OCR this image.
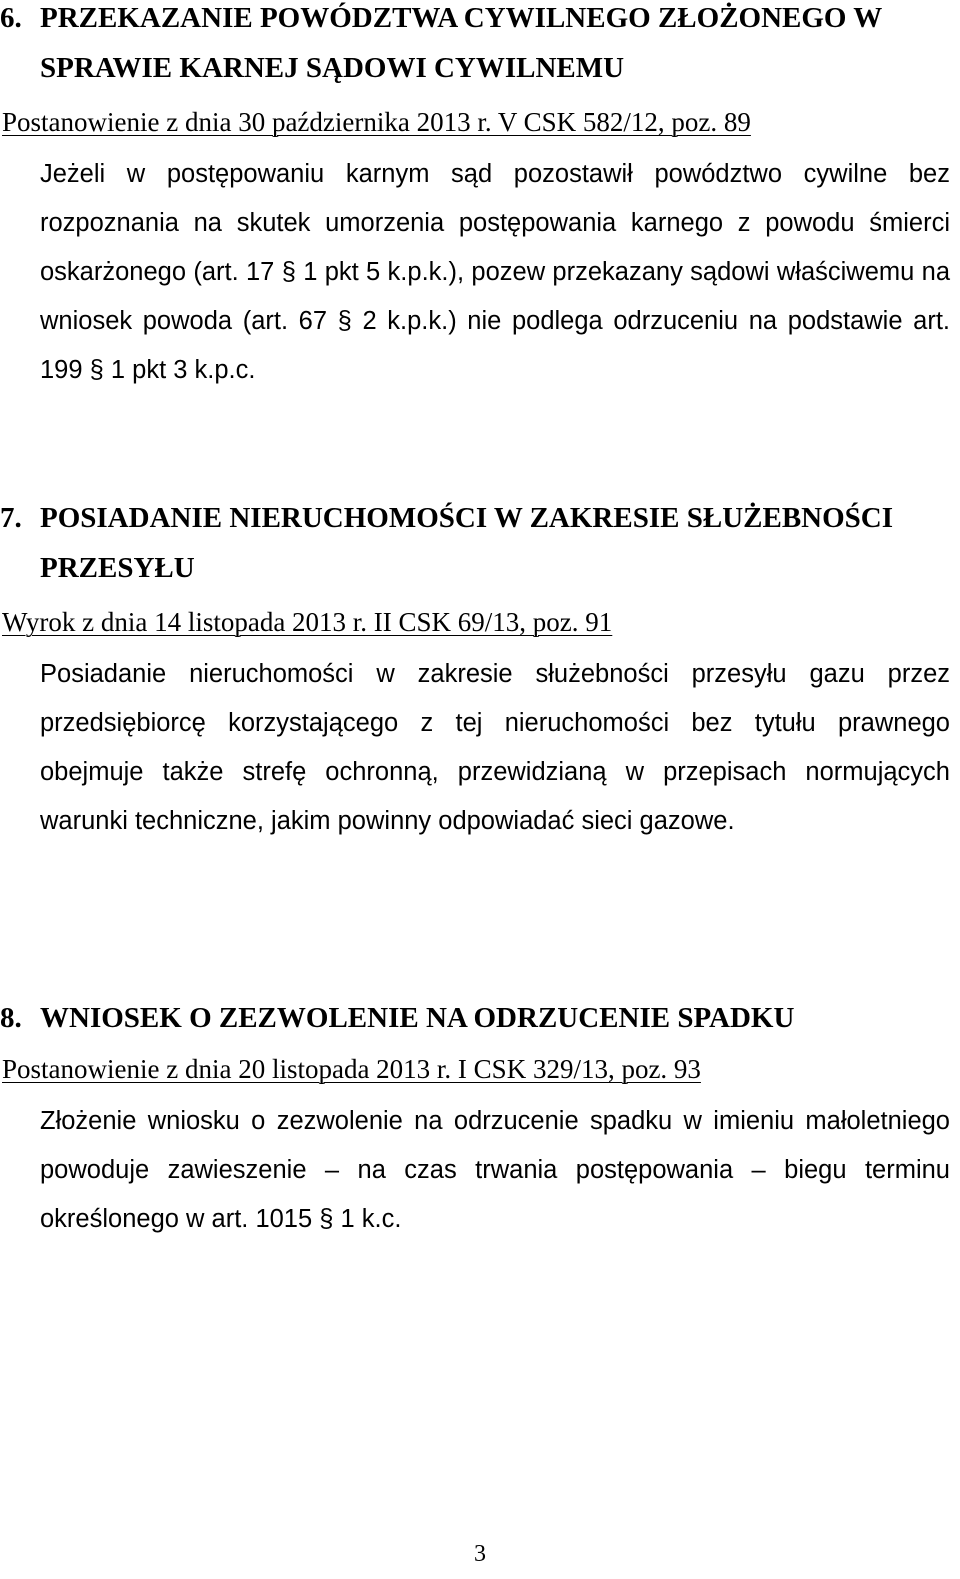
6. PRZEKAZANIE POWÓDZTWA CYWILNEGO ZŁOŻONEGO W
SPRAWIE KARNEJ SĄDOWI CYWILNEMU

Postanowienie z dnia 30 października 2013 r. V CSK 582/12, poz. 89

Jeżeli w postępowaniu karnym sąd pozostawił powództwo cywilne bez rozpoznania na skutek umorzenia postępowania karnego z powodu śmierci oskarżonego (art. 17 § 1 pkt 5 k.p.k.), pozew przekazany sądowi właściwemu na wniosek powoda (art. 67 § 2 k.p.k.) nie podlega odrzuceniu na podstawie art. 199 § 1 pkt 3 k.p.c.

7. POSIADANIE NIERUCHOMOŚCI W ZAKRESIE SŁUŻEBNOŚCI
PRZESYŁU

Wyrok z dnia 14 listopada 2013 r. II CSK 69/13, poz. 91

Posiadanie nieruchomości w zakresie służebności przesyłu gazu przez przedsiębiorcę korzystającego z tej nieruchomości bez tytułu prawnego obejmuje także strefę ochronną, przewidzianą w przepisach normujących warunki techniczne, jakim powinny odpowiadać sieci gazowe.

8. WNIOSEK O ZEZWOLENIE NA ODRZUCENIE SPADKU

Postanowienie z dnia 20 listopada 2013 r. I CSK 329/13, poz. 93

Złożenie wniosku o zezwolenie na odrzucenie spadku w imieniu małoletniego powoduje zawieszenie – na czas trwania postępowania – biegu terminu określonego w art. 1015 § 1 k.c.

3
